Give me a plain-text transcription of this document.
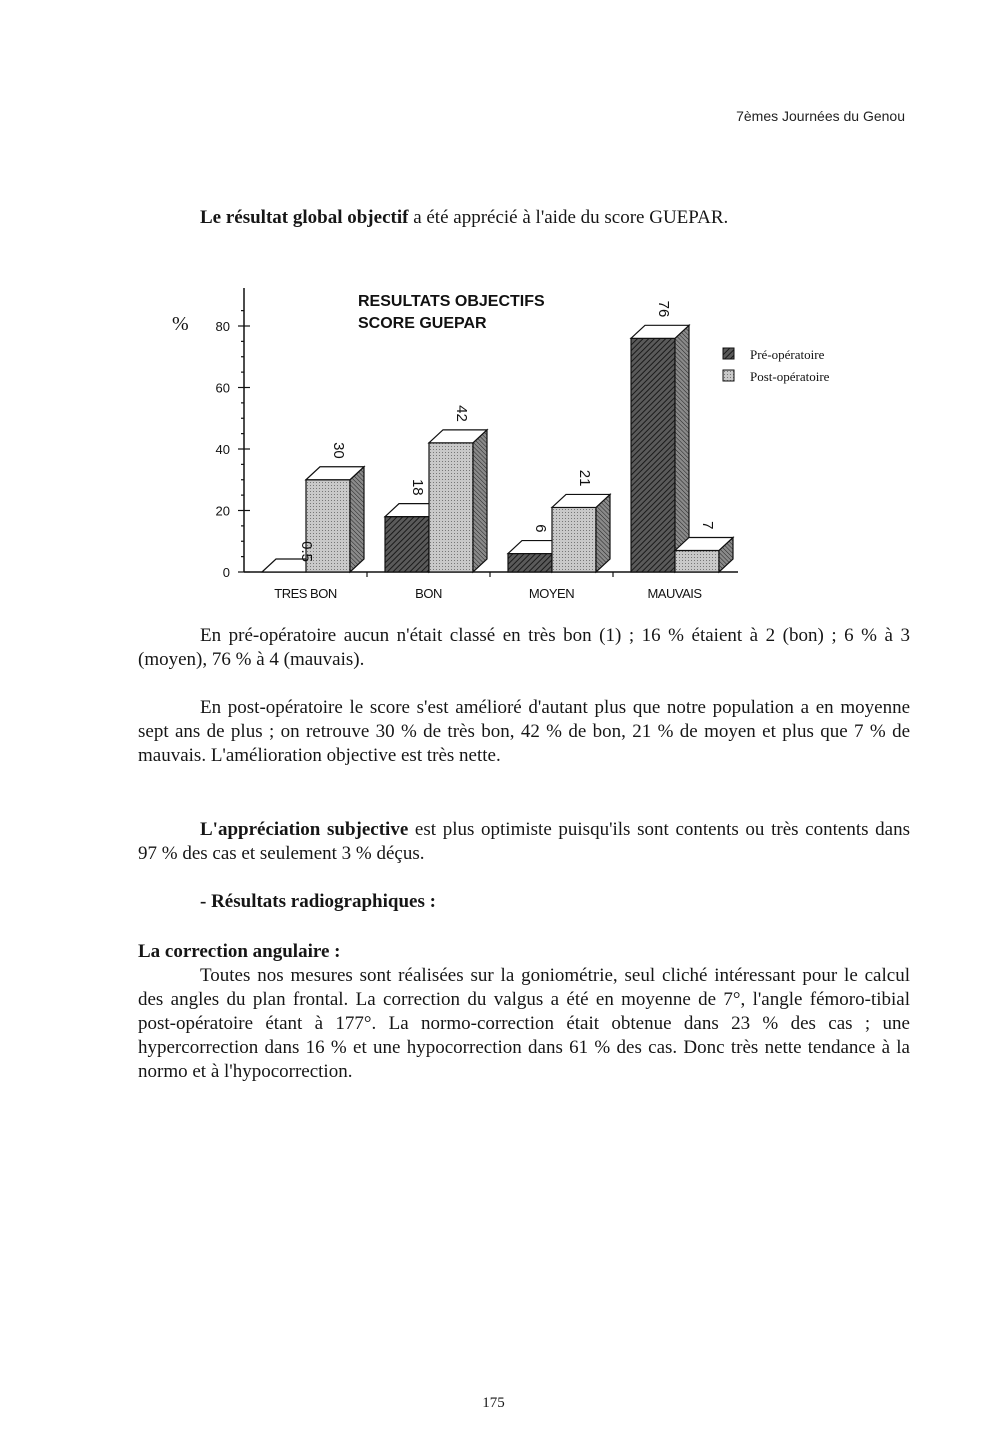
7èmes Journées du Genou
Le résultat global objectif a été apprécié à l'aide du score GUEPAR.
0
20
40
60
80
TRES BON
30
BON
18
42
MOYEN
6
21
MAUVAIS
76
7
0.5
RESULTATS OBJECTIFS
SCORE GUEPAR
%
Pré-opératoire
Post-opératoire
En pré-opératoire aucun n'était classé en très bon (1) ; 16 % étaient à 2 (bon) ; 6 % à 3 (moyen), 76 % à 4 (mauvais).
En post-opératoire le score s'est amélioré d'autant plus que notre population a en moyenne sept ans de plus ; on retrouve 30 % de très bon, 42 % de bon, 21 % de moyen et plus que 7 % de mauvais. L'amélioration objective est très nette.
L'appréciation subjective est plus optimiste puisqu'ils sont contents ou très contents dans 97 % des cas et seulement 3 % déçus.
- Résultats radiographiques :
La correction angulaire :
Toutes nos mesures sont réalisées sur la goniométrie, seul cliché intéressant pour le calcul des angles du plan frontal. La correction du valgus a été en moyenne de 7°, l'angle fémoro-tibial post-opératoire étant à 177°. La normo-correction était obtenue dans 23 % des cas ; une hypercorrection dans 16 % et une hypocorrection dans 61 % des cas. Donc très nette tendance à la normo et à l'hypocorrection.
175
